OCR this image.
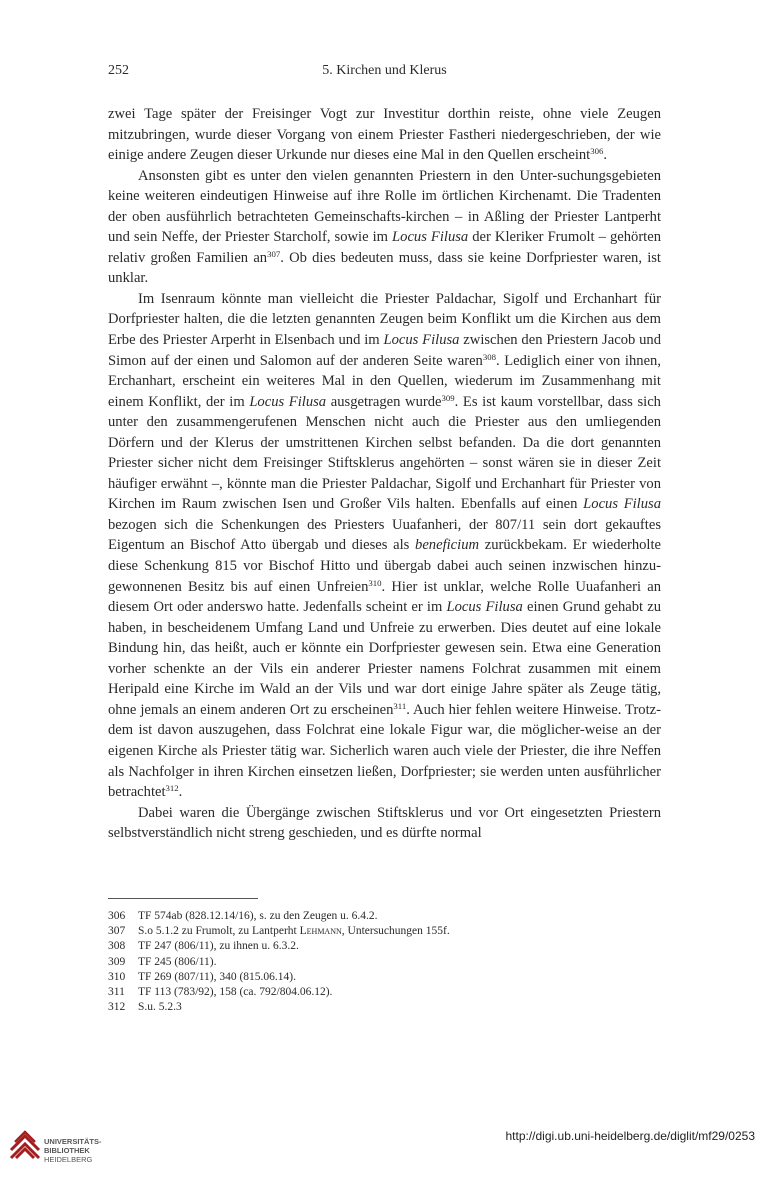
252	5. Kirchen und Klerus

zwei Tage später der Freisinger Vogt zur Investitur dorthin reiste, ohne viele Zeugen mitzubringen, wurde dieser Vorgang von einem Priester Fastheri niedergeschrieben, der wie einige andere Zeugen dieser Urkunde nur dieses eine Mal in den Quellen erscheint$^{306}$.

Ansonsten gibt es unter den vielen genannten Priestern in den Unter-suchungsgebieten keine weiteren eindeutigen Hinweise auf ihre Rolle im örtlichen Kirchenamt. Die Tradenten der oben ausführlich betrachteten Gemeinschafts-kirchen – in Aßling der Priester Lantperht und sein Neffe, der Priester Starcholf, sowie im Locus Filusa der Kleriker Frumolt – gehörten relativ großen Familien $an^{307}$. Ob dies bedeuten muss, dass sie keine Dorfpriester waren, ist unklar.

Im Isenraum könnte man vielleicht die Priester Paldachar, Sigolf und Erchanhart für Dorfpriester halten, die die letzten genannten Zeugen beim Konflikt um die Kirchen aus dem Erbe des Priester Arperht in Elsenbach und im Locus Filusa zwischen den Priestern Jacob und Simon auf der einen und Salomon auf der anderen Seite waren$^{308}$. Lediglich einer von ihnen, Erchanhart, erscheint ein weiteres Mal in den Quellen, wiederum im Zusammenhang mit einem Konflikt, der im Locus Filusa ausgetragen wurde$^{309}$. Es ist kaum vorstellbar, dass sich unter den zusammengerufenen Menschen nicht auch die Priester aus den umliegenden Dörfern und der Klerus der umstrittenen Kirchen selbst befanden. Da die dort genannten Priester sicher nicht dem Freisinger Stiftsklerus angehörten – sonst wären sie in dieser Zeit häufiger erwähnt –, könnte man die Priester Paldachar, Sigolf und Erchanhart für Priester von Kirchen im Raum zwischen Isen und Großer Vils halten. Ebenfalls auf einen Locus Filusa bezogen sich die Schenkungen des Priesters Uuafanheri, der 807/11 sein dort gekauftes Eigentum an Bischof Atto übergab und dieses als beneficium zurückbekam. Er wiederholte diese Schenkung 815 vor Bischof Hitto und übergab dabei auch seinen inzwischen hinzu-gewonnenen Besitz bis auf einen Unfreien$^{310}$. Hier ist unklar, welche Rolle Uuafanheri an diesem Ort oder anderswo hatte. Jedenfalls scheint er im Locus Filusa einen Grund gehabt zu haben, in bescheidenem Umfang Land und Unfreie zu erwerben. Dies deutet auf eine lokale Bindung hin, das heißt, auch er könnte ein Dorfpriester gewesen sein. Etwa eine Generation vorher schenkte an der Vils ein anderer Priester namens Folchrat zusammen mit einem Heripald eine Kirche im Wald an der Vils und war dort einige Jahre später als Zeuge tätig, ohne jemals an einem anderen Ort zu erscheinen$^{311}$. Auch hier fehlen weitere Hinweise. Trotz-dem ist davon auszugehen, dass Folchrat eine lokale Figur war, die möglicher-weise an der eigenen Kirche als Priester tätig war. Sicherlich waren auch viele der Priester, die ihre Neffen als Nachfolger in ihren Kirchen einsetzen ließen, Dorfpriester; sie werden unten ausführlicher betrachtet$^{312}$.

Dabei waren die Übergänge zwischen Stiftsklerus und vor Ort eingesetzten Priestern selbstverständlich nicht streng geschieden, und es dürfte normal

306	TF 574ab (828.12.14/16), s. zu den Zeugen u. 6.4.2.
307	S.o 5.1.2 zu Frumolt, zu Lantperht Lehmann, Untersuchungen 155f.
308	TF 247 (806/11), zu ihnen u. 6.3.2.
309	TF 245 (806/11).
310	TF 269 (807/11), 340 (815.06.14).
311	TF 113 (783/92), 158 (ca. 792/804.06.12).
312	S.u. 5.2.3
UNIVERSITÄTS-
BIBLIOTHEK
HEIDELBERG
http://digi.ub.uni-heidelberg.de/diglit/mf29/0253
